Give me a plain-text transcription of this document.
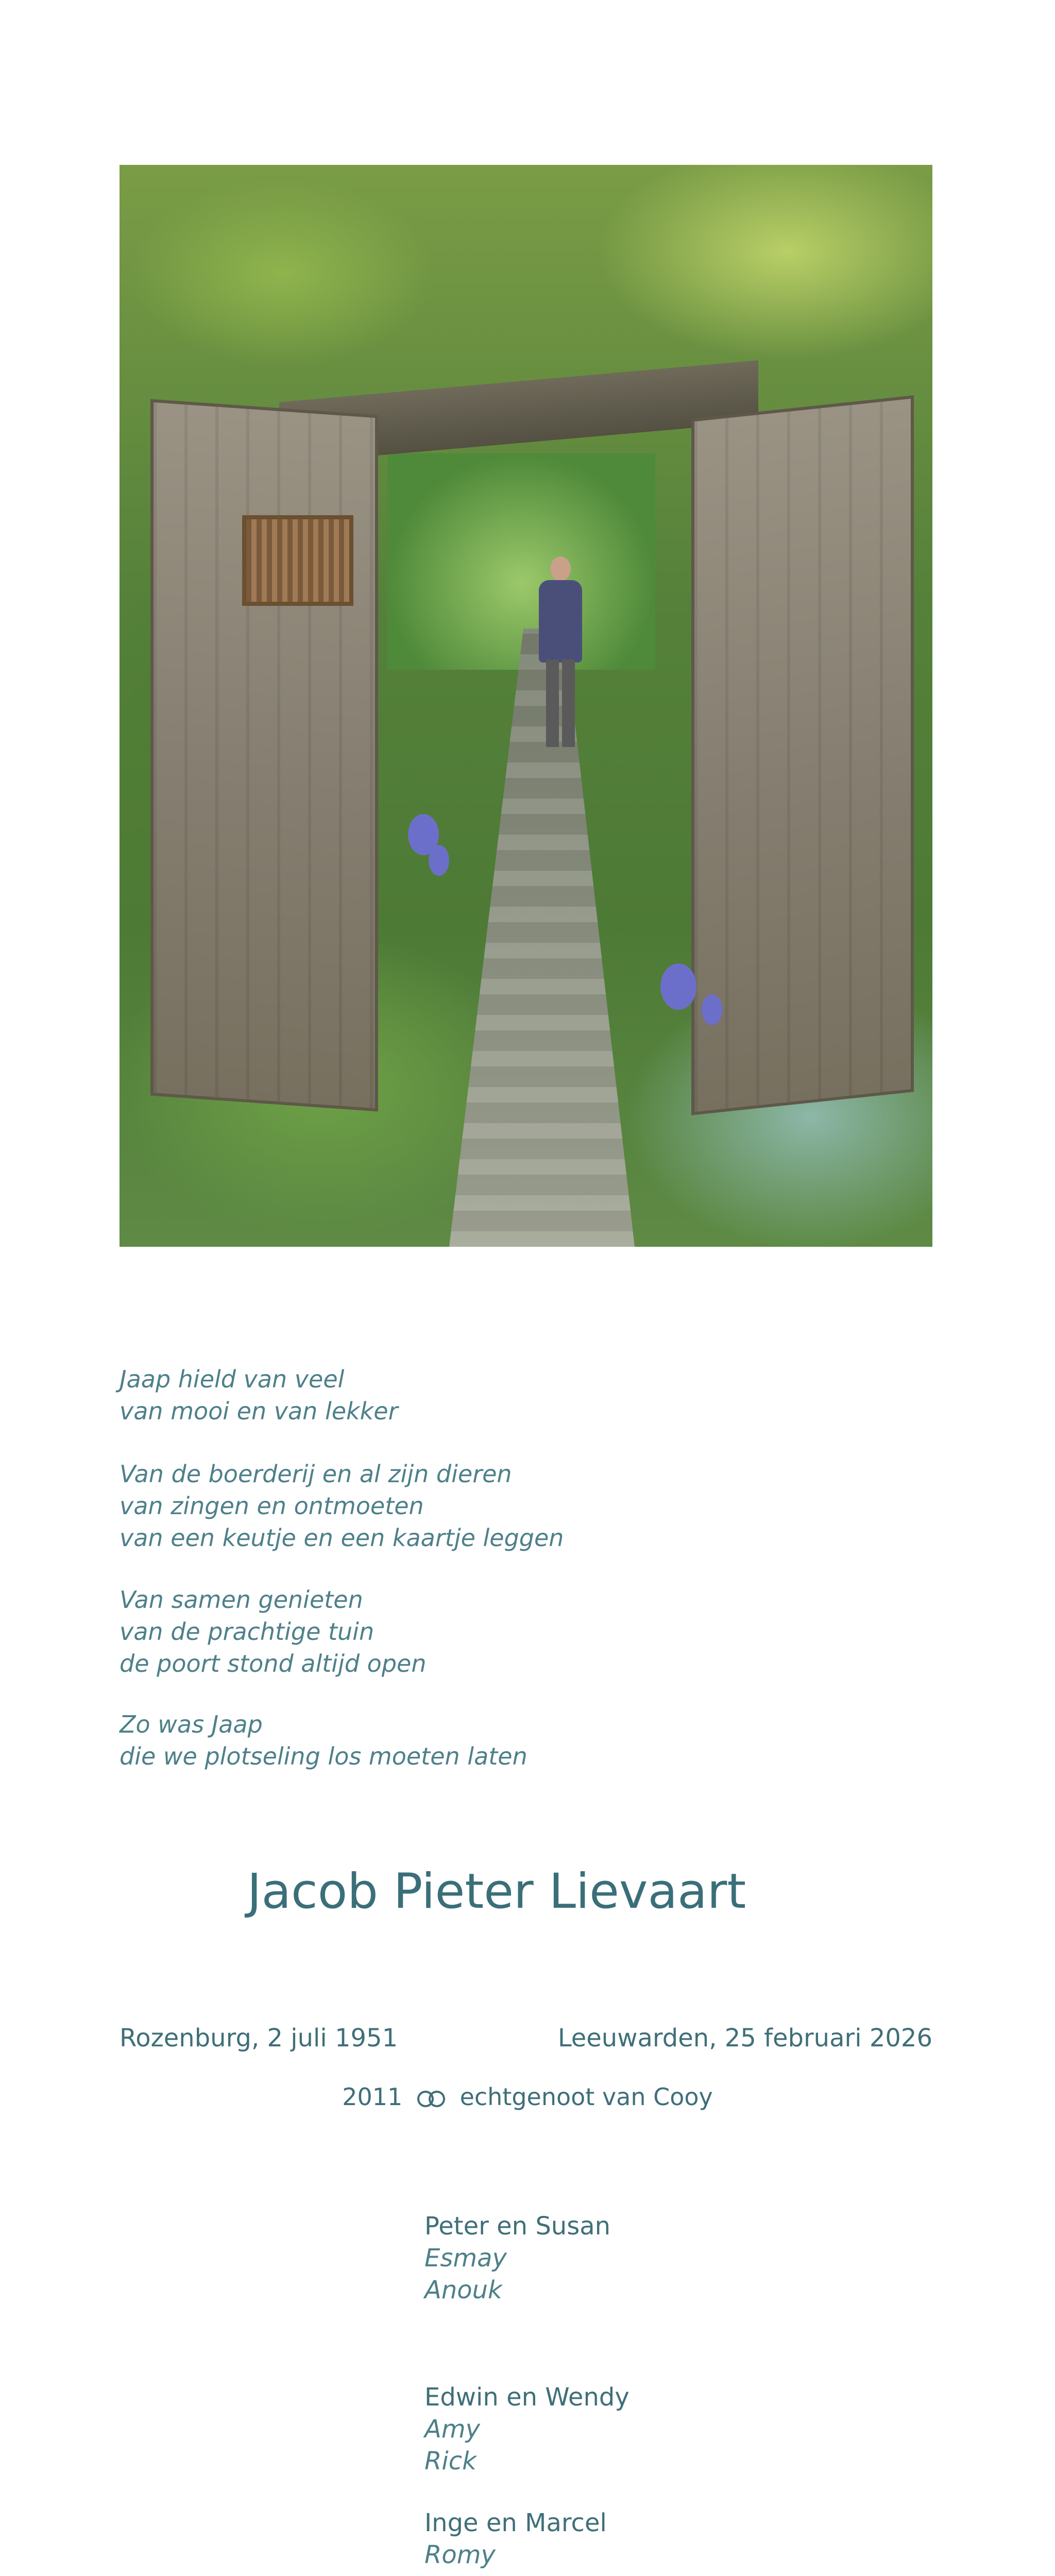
Jaap hield van veel
van mooi en van lekker
Van de boerderij en al zijn dieren
van zingen en ontmoeten
van een keutje en een kaartje leggen
Van samen genieten
van de prachtige tuin
de poort stond altijd open
Zo was Jaap
die we plotseling los moeten laten
Jacob Pieter Lievaart
Rozenburg, 2 juli 1951	Leeuwarden, 25 februari 2026
2011 echtgenoot van Cooy
Peter en Susan
Esmay
Anouk
Edwin en Wendy
Amy
Rick
Inge en Marcel
Romy
